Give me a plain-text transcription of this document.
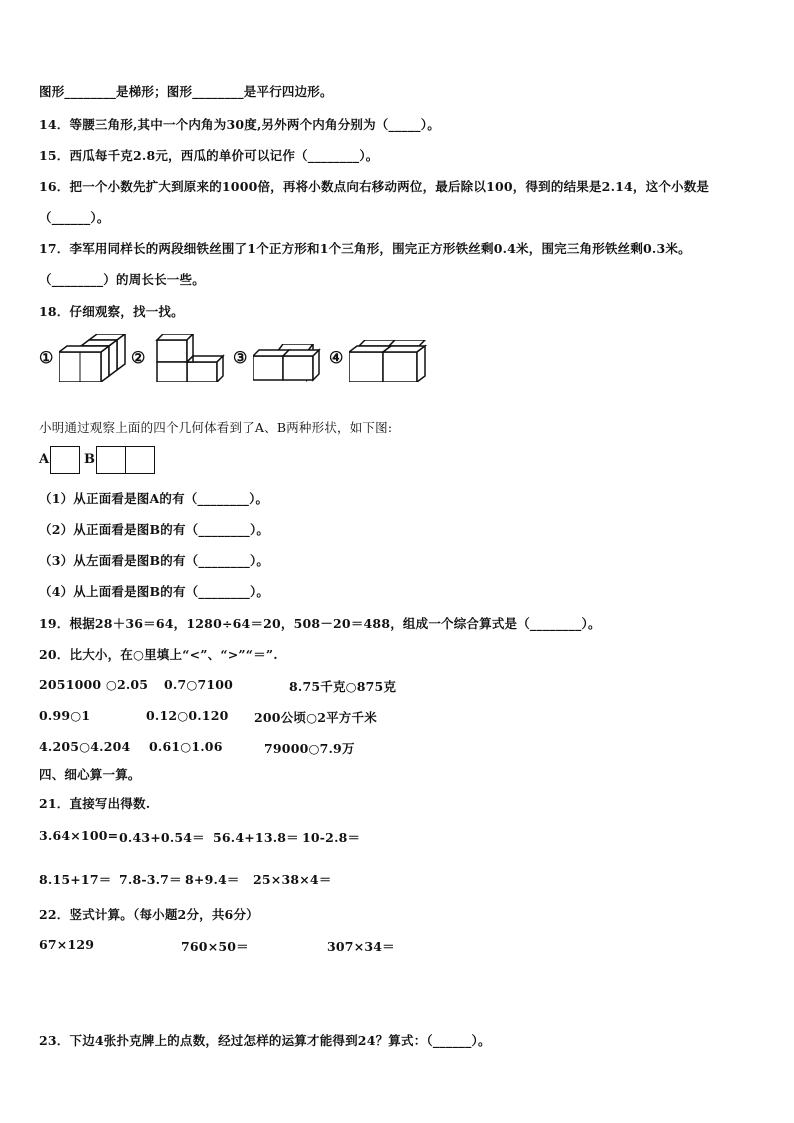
图形________是梯形；图形________是平行四边形。
14．等腰三角形,其中一个内角为30度,另外两个内角分别为（_____）。
15．西瓜每千克2.8元，西瓜的单价可以记作（________）。
16．把一个小数先扩大到原来的1000倍，再将小数点向右移动两位，最后除以100，得到的结果是2.14，这个小数是
（______）。
17．李军用同样长的两段细铁丝围了1个正方形和1个三角形，围完正方形铁丝剩0.4米，围完三角形铁丝剩0.3米。
（________）的周长长一些。
18．仔细观察，找一找。
①	②	③	④
小明通过观察上面的四个几何体看到了A、B两种形状，如下图:
A	B
（1）从正面看是图A的有（________）。
（2）从正面看是图B的有（________）。
（3）从左面看是图B的有（________）。
（4）从上面看是图B的有（________）。
19．根据28＋36＝64，1280÷64＝20，508－20＝488，组成一个综合算式是（________）。
20．比大小，在○里填上“<”、“>”“＝”.
2051000 ○2.05 0.7○7100	8.75千克○875克
0.99○1	0.12○0.120 200公顷○2平方千米
4.205○4.204 0.61○1.06	79000○7.9万
四、细心算一算。
21．直接写出得数.
3.64×100= 0.43+0.54＝ 56.4+13.8＝ 10-2.8＝
8.15+17＝ 7.8-3.7＝ 8+9.4＝ 25×38×4＝
22．竖式计算。（每小题2分，共6分）
67×129	760×50＝	307×34＝
23．下边4张扑克牌上的点数，经过怎样的运算才能得到24？算式：（______）。
